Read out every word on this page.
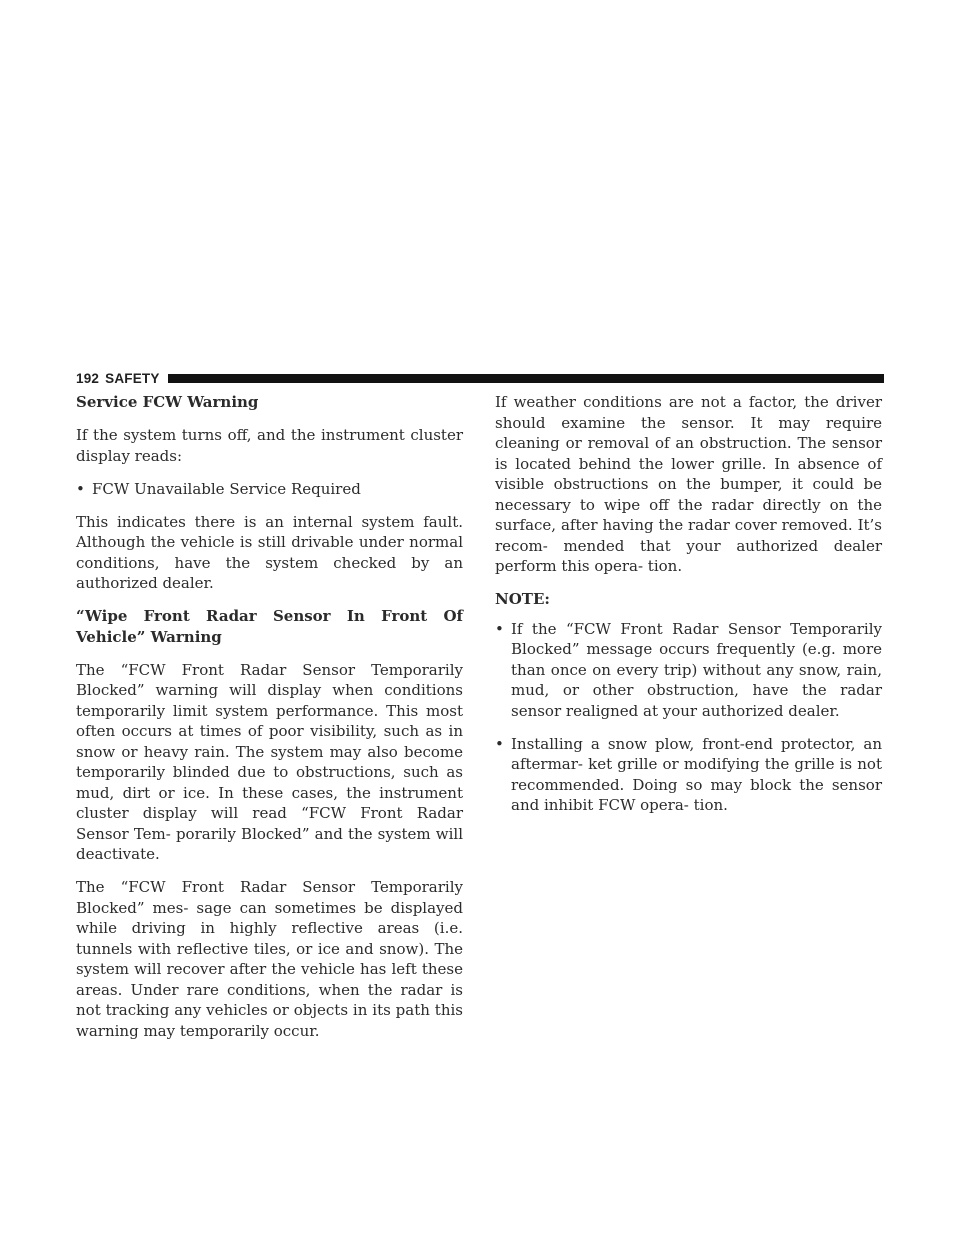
192 SAFETY
Service FCW Warning

If the system turns off, and the instrument cluster display reads:

• FCW Unavailable Service Required

This indicates there is an internal system fault. Although the vehicle is still drivable under normal conditions, have the system checked by an authorized dealer.

“Wipe Front Radar Sensor In Front Of Vehicle” Warning

The “FCW Front Radar Sensor Temporarily Blocked” warning will display when conditions temporarily limit system performance. This most often occurs at times of poor visibility, such as in snow or heavy rain. The system may also become temporarily blinded due to obstructions, such as mud, dirt or ice. In these cases, the instrument cluster display will read “FCW Front Radar Sensor Tem- porarily Blocked” and the system will deactivate.

The “FCW Front Radar Sensor Temporarily Blocked” mes- sage can sometimes be displayed while driving in highly reflective areas (i.e. tunnels with reflective tiles, or ice and snow). The system will recover after the vehicle has left these areas. Under rare conditions, when the radar is not tracking any vehicles or objects in its path this warning may temporarily occur.

If weather conditions are not a factor, the driver should examine the sensor. It may require cleaning or removal of an obstruction. The sensor is located behind the lower grille. In absence of visible obstructions on the bumper, it could be necessary to wipe off the radar directly on the surface, after having the radar cover removed. It’s recom- mended that your authorized dealer perform this opera- tion.

NOTE:
• If the “FCW Front Radar Sensor Temporarily Blocked” message occurs frequently (e.g. more than once on every trip) without any snow, rain, mud, or other obstruction, have the radar sensor realigned at your authorized dealer.
• Installing a snow plow, front-end protector, an aftermar- ket grille or modifying the grille is not recommended. Doing so may block the sensor and inhibit FCW opera- tion.
